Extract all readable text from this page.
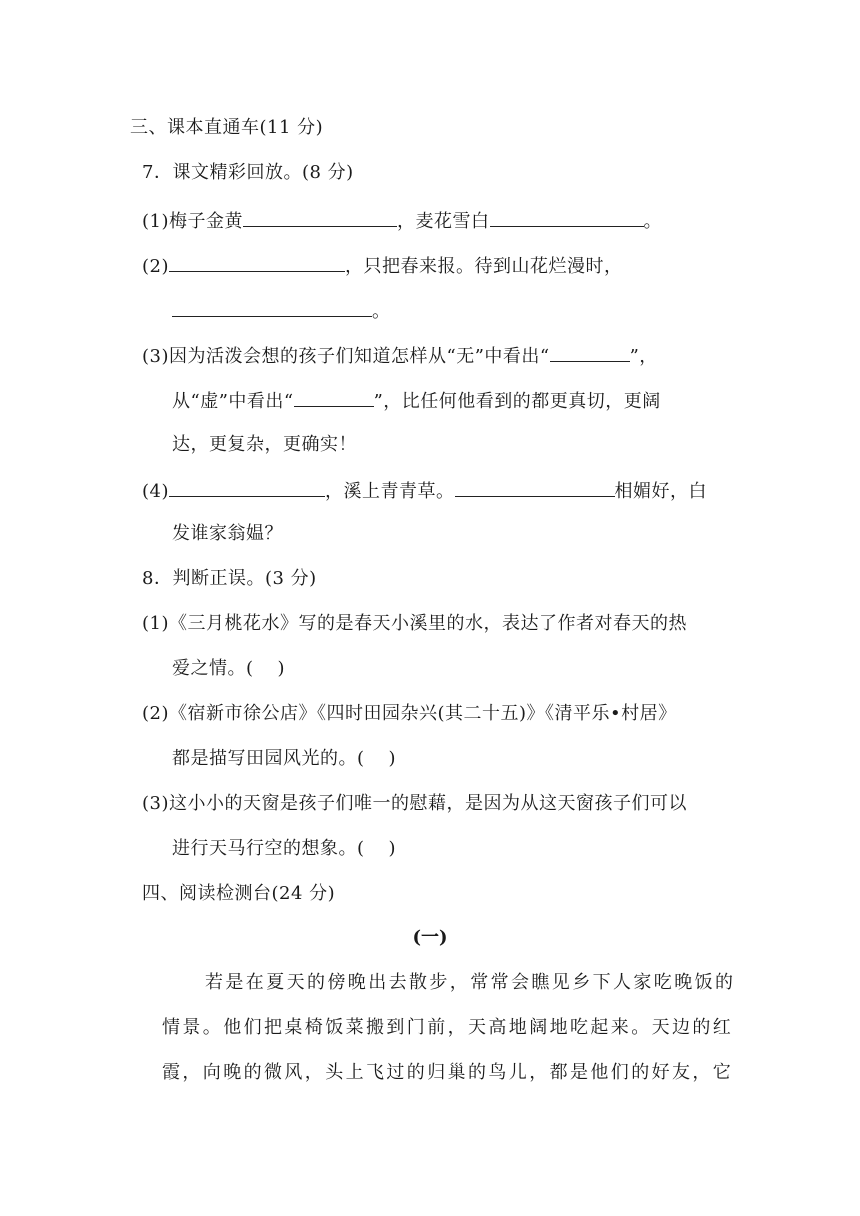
三、课本直通车(11 分)
7．课文精彩回放。(8 分)
(1)梅子金黄	，麦花雪白	。
(2)	，只把春来报。待到山花烂漫时，
。
(3)因为活泼会想的孩子们知道怎样从“无”中看出“	”，
从“虚”中看出“	”，比任何他看到的都更真切，更阔
达，更复杂，更确实！
(4)	，溪上青青草。	相媚好，白
发谁家翁媪？
8．判断正误。(3 分)
(1)《三月桃花水》写的是春天小溪里的水，表达了作者对春天的热
爱之情。( )
(2)《宿新市徐公店》《四时田园杂兴(其二十五)》《清平乐•村居》
都是描写田园风光的。( )
(3)这小小的天窗是孩子们唯一的慰藉，是因为从这天窗孩子们可以
进行天马行空的想象。( )
四、阅读检测台(24 分)
(一)
若是在夏天的傍晚出去散步，常常会瞧见乡下人家吃晚饭的
情景。他们把桌椅饭菜搬到门前，天高地阔地吃起来。天边的红
霞，向晚的微风，头上飞过的归巢的鸟儿，都是他们的好友，它
